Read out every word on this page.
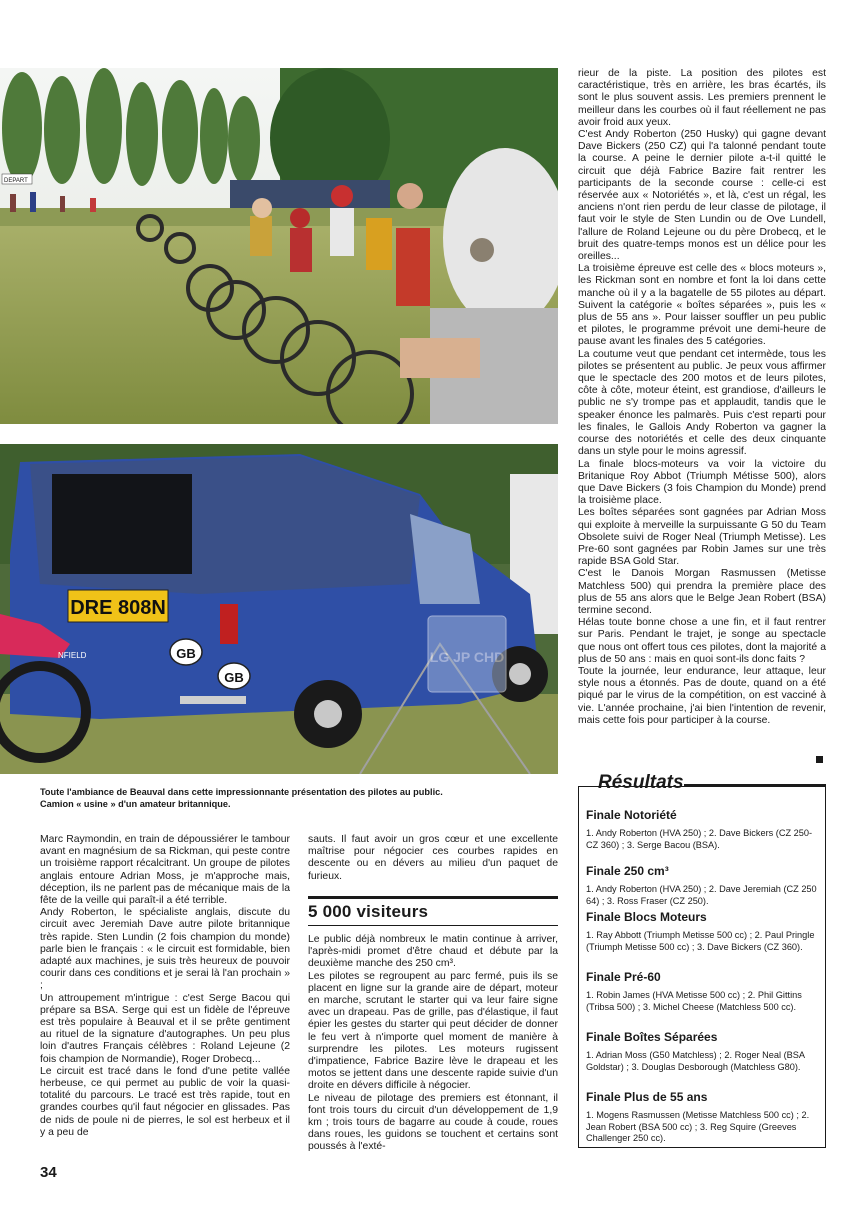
DEPART
DRE 808N
GB
GB
NFIELD	LG JP CHD

Toute l'ambiance de Beauval dans cette impressionnante présentation des pilotes au public.

Camion « usine » d'un amateur britannique.

rieur de la piste. La position des pilotes est caractéristique, très en arrière, les bras écartés, ils sont le plus souvent assis. Les premiers prennent le meilleur dans les courbes où il faut réellement ne pas avoir froid aux yeux.

C'est Andy Roberton (250 Husky) qui gagne devant Dave Bickers (250 CZ) qui l'a talonné pendant toute la course. A peine le dernier pilote a-t-il quitté le circuit que déjà Fabrice Bazire fait rentrer les participants de la seconde course : celle-ci est réservée aux « Notoriétés », et là, c'est un régal, les anciens n'ont rien perdu de leur classe de pilotage, il faut voir le style de Sten Lundin ou de Ove Lundell, l'allure de Roland Lejeune ou du père Drobecq, et le bruit des quatre-temps monos est un délice pour les oreilles...

La troisième épreuve est celle des « blocs moteurs », les Rickman sont en nombre et font la loi dans cette manche où il y a la bagatelle de 55 pilotes au départ. Suivent la catégorie « boîtes séparées », puis les « plus de 55 ans ». Pour laisser souffler un peu public et pilotes, le programme prévoit une demi-heure de pause avant les finales des 5 catégories.

La coutume veut que pendant cet intermède, tous les pilotes se présentent au public. Je peux vous affirmer que le spectacle des 200 motos et de leurs pilotes, côte à côte, moteur éteint, est grandiose, d'ailleurs le public ne s'y trompe pas et applaudit, tandis que le speaker énonce les palmarès. Puis c'est reparti pour les finales, le Gallois Andy Roberton va gagner la course des notoriétés et celle des deux cinquante dans un style pour le moins agressif.

La finale blocs-moteurs va voir la victoire du Britanique Roy Abbot (Triumph Métisse 500), alors que Dave Bickers (3 fois Champion du Monde) prend la troisième place.

Les boîtes séparées sont gagnées par Adrian Moss qui exploite à merveille la surpuissante G 50 du Team Obsolete suivi de Roger Neal (Triumph Metisse). Les Pre-60 sont gagnées par Robin James sur une très rapide BSA Gold Star.

C'est le Danois Morgan Rasmussen (Metisse Matchless 500) qui prendra la première place des plus de 55 ans alors que le Belge Jean Robert (BSA) termine second.

Hélas toute bonne chose a une fin, et il faut rentrer sur Paris. Pendant le trajet, je songe au spectacle que nous ont offert tous ces pilotes, dont la majorité a plus de 50 ans : mais en quoi sont-ils donc faits ?

Toute la journée, leur endurance, leur attaque, leur style nous a étonnés. Pas de doute, quand on a été piqué par le virus de la compétition, on est vacciné à vie. L'année prochaine, j'ai bien l'intention de revenir, mais cette fois pour participer à la course.

Marc Raymondin, en train de dépoussiérer le tambour avant en magnésium de sa Rickman, qui peste contre un troisième rapport récalcitrant. Un groupe de pilotes anglais entoure Adrian Moss, je m'approche mais, déception, ils ne parlent pas de mécanique mais de la fête de la veille qui paraît-il a été terrible.

Andy Roberton, le spécialiste anglais, discute du circuit avec Jeremiah Dave autre pilote britannique très rapide. Sten Lundin (2 fois champion du monde) parle bien le français : « le circuit est formidable, bien adapté aux machines, je suis très heureux de pouvoir courir dans ces conditions et je serai là l'an prochain » ;

Un attroupement m'intrigue : c'est Serge Bacou qui prépare sa BSA. Serge qui est un fidèle de l'épreuve est très populaire à Beauval et il se prête gentiment au rituel de la signature d'autographes. Un peu plus loin d'autres Français célèbres : Roland Lejeune (2 fois champion de Normandie), Roger Drobecq...

Le circuit est tracé dans le fond d'une petite vallée herbeuse, ce qui permet au public de voir la quasi-totalité du parcours. Le tracé est très rapide, tout en grandes courbes qu'il faut négocier en glissades. Pas de nids de poule ni de pierres, le sol est herbeux et il y a peu de

sauts. Il faut avoir un gros cœur et une excellente maîtrise pour négocier ces courbes rapides en descente ou en dévers au milieu d'un paquet de furieux.

5 000 visiteurs

Le public déjà nombreux le matin continue à arriver, l'après-midi promet d'être chaud et débute par la deuxième manche des 250 cm³.

Les pilotes se regroupent au parc fermé, puis ils se placent en ligne sur la grande aire de départ, moteur en marche, scrutant le starter qui va leur faire signe avec un drapeau. Pas de grille, pas d'élastique, il faut épier les gestes du starter qui peut décider de donner le feu vert à n'importe quel moment de manière à surprendre les pilotes. Les moteurs rugissent d'impatience, Fabrice Bazire lève le drapeau et les motos se jettent dans une descente rapide suivie d'un droite en dévers difficile à négocier.

Le niveau de pilotage des premiers est étonnant, il font trois tours du circuit d'un développement de 1,9 km ; trois tours de bagarre au coude à coude, roues dans roues, les guidons se touchent et certains sont poussés à l'exté-

Résultats

Finale Notoriété

1. Andy Roberton (HVA 250) ; 2. Dave Bickers (CZ 250-CZ 360) ; 3. Serge Bacou (BSA).

Finale 250 cm³

1. Andy Roberton (HVA 250) ; 2. Dave Jeremiah (CZ 250 64) ; 3. Ross Fraser (CZ 250).

Finale Blocs Moteurs

1. Ray Abbott (Triumph Metisse 500 cc) ; 2. Paul Pringle (Triumph Metisse 500 cc) ; 3. Dave Bickers (CZ 360).

Finale Pré-60

1. Robin James (HVA Metisse 500 cc) ; 2. Phil Gittins (Tribsa 500) ; 3. Michel Cheese (Matchless 500 cc).

Finale Boîtes Séparées

1. Adrian Moss (G50 Matchless) ; 2. Roger Neal (BSA Goldstar) ; 3. Douglas Desborough (Matchless G80).

Finale Plus de 55 ans

1. Mogens Rasmussen (Metisse Matchless 500 cc) ; 2. Jean Robert (BSA 500 cc) ; 3. Reg Squire (Greeves Challenger 250 cc).

34
